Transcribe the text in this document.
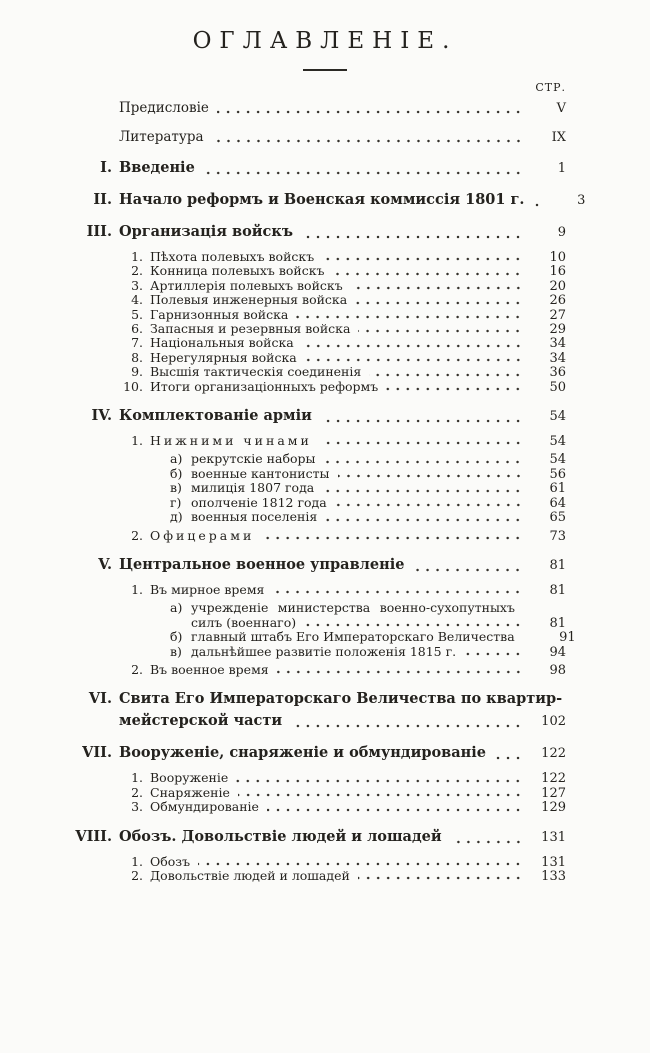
ОГЛАВЛЕНІЕ.
СТР.
Предисловіе	V
Литература	IX
I. Введеніе	1
II. Начало реформъ и Военская коммиссія 1801 г.	3
III. Организація войскъ	9
1. Пѣхота полевыхъ войскъ	10
2. Конница полевыхъ войскъ	16
3. Артиллерія полевыхъ войскъ	20
4. Полевыя инженерныя войска	26
5. Гарнизонныя войска	27
6. Запасныя и резервныя войска	29
7. Національныя войска	34
8. Нерегулярныя войска	34
9. Высшія тактическія соединенія	36
10. Итоги организаціонныхъ реформъ	50
IV. Комплектованіе арміи	54
1. Нижними чинами	54
а) рекрутскіе наборы	54
б) военные кантонисты	56
в) милиція 1807 года	61
г) ополченіе 1812 года	64
д) военныя поселенія	65
2. Офицерами	73
V. Центральное военное управленіе	81
1. Въ мирное время	81
а) учрежденіе министерства военно-сухопутныхъ
силъ (военнаго)	81
б) главный штабъ Его Императорскаго Величества	91
в) дальнѣйшее развитіе положенія 1815 г.	94
2. Въ военное время	98
VI. Свита Его Императорскаго Величества по квартир-
мейстерской части	102
VII. Вооруженіе, снаряженіе и обмундированіе	122
1. Вооруженіе	122
2. Снаряженіе	127
3. Обмундированіе	129
VIII. Обозъ. Довольствіе людей и лошадей	131
1. Обозъ	131
2. Довольствіе людей и лошадей	133
